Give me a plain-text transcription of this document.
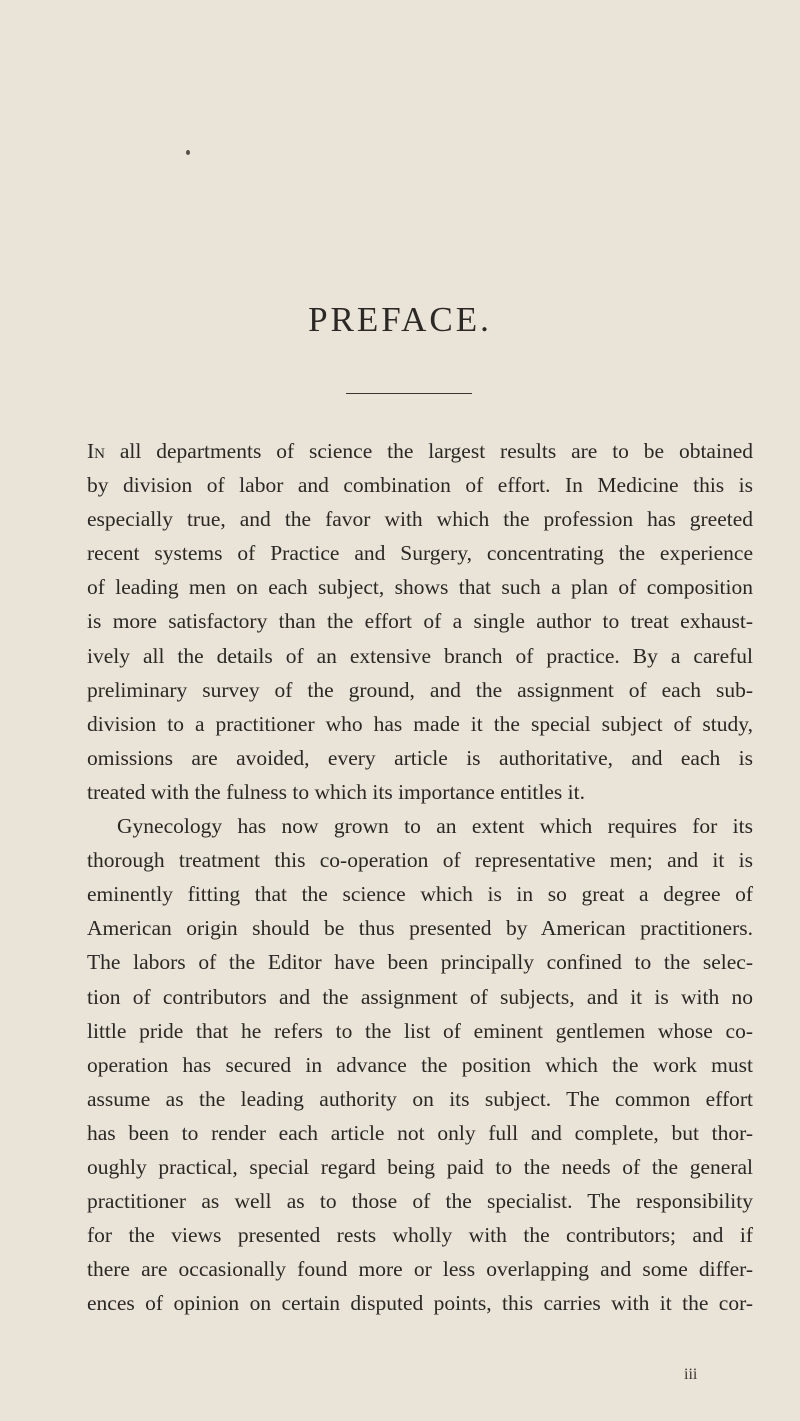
PREFACE.
In all departments of science the largest results are to be obtained
by division of labor and combination of effort. In Medicine this is
especially true, and the favor with which the profession has greeted
recent systems of Practice and Surgery, concentrating the experience
of leading men on each subject, shows that such a plan of composition
is more satisfactory than the effort of a single author to treat exhaust-
ively all the details of an extensive branch of practice. By a careful
preliminary survey of the ground, and the assignment of each sub-
division to a practitioner who has made it the special subject of study,
omissions are avoided, every article is authoritative, and each is
treated with the fulness to which its importance entitles it.
Gynecology has now grown to an extent which requires for its
thorough treatment this co-operation of representative men; and it is
eminently fitting that the science which is in so great a degree of
American origin should be thus presented by American practitioners.
The labors of the Editor have been principally confined to the selec-
tion of contributors and the assignment of subjects, and it is with no
little pride that he refers to the list of eminent gentlemen whose co-
operation has secured in advance the position which the work must
assume as the leading authority on its subject. The common effort
has been to render each article not only full and complete, but thor-
oughly practical, special regard being paid to the needs of the general
practitioner as well as to those of the specialist. The responsibility
for the views presented rests wholly with the contributors; and if
there are occasionally found more or less overlapping and some differ-
ences of opinion on certain disputed points, this carries with it the cor-
iii
